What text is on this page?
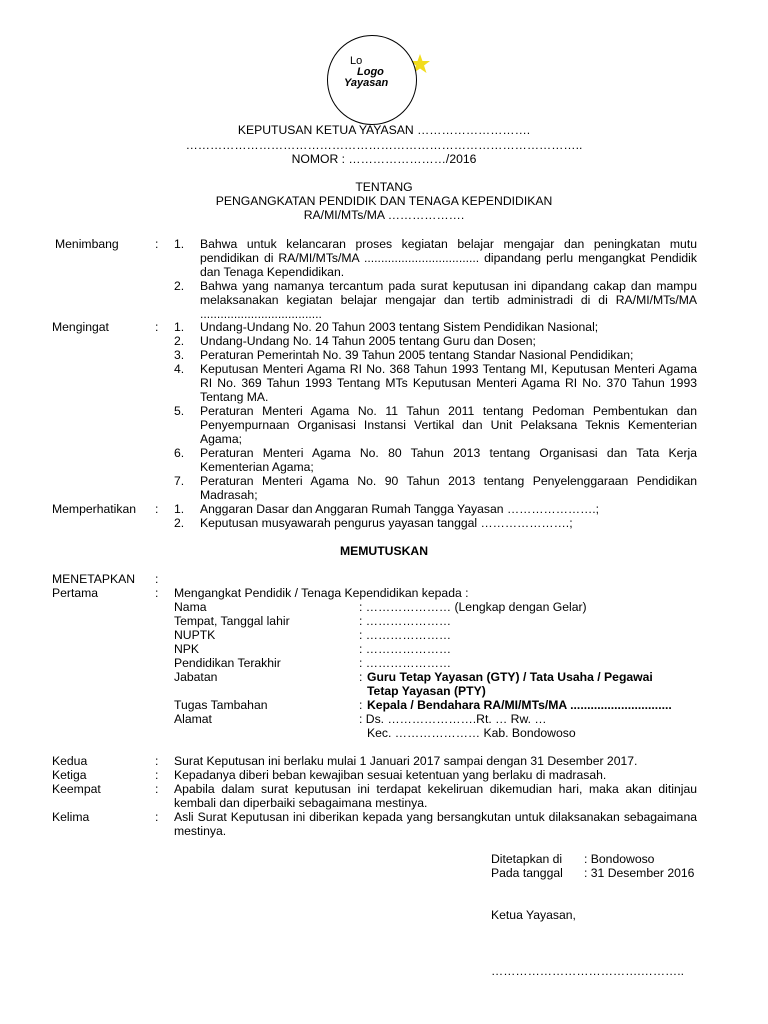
Lo
Logo
Yayasan
KEPUTUSAN KETUA YAYASAN ……………………….
……………………………………………………………………………………..
NOMOR : ……………………/2016
TENTANG
PENGANGKATAN PENDIDIK DAN TENAGA KEPENDIDIKAN
RA/MI/MTs/MA ……………….
Menimbang	: 1. Bahwa untuk kelancaran proses kegiatan belajar mengajar dan peningkatan mutu pendidikan di RA/MI/MTs/MA .................................. dipandang perlu mengangkat Pendidik dan Tenaga Kependidikan.
2. Bahwa yang namanya tercantum pada surat keputusan ini dipandang cakap dan mampu melaksanakan kegiatan belajar mengajar dan tertib administradi di di RA/MI/MTs/MA ....................................
Mengingat	: 1. Undang-Undang No. 20 Tahun 2003 tentang Sistem Pendidikan Nasional;
2. Undang-Undang No. 14 Tahun 2005 tentang Guru dan Dosen;
3. Peraturan Pemerintah No. 39 Tahun 2005 tentang Standar Nasional Pendidikan;
4. Keputusan Menteri Agama RI No. 368 Tahun 1993 Tentang MI, Keputusan Menteri Agama RI No. 369 Tahun 1993 Tentang MTs Keputusan Menteri Agama RI No. 370 Tahun 1993 Tentang MA.
5. Peraturan Menteri Agama No. 11 Tahun 2011 tentang Pedoman Pembentukan dan Penyempurnaan Organisasi Instansi Vertikal dan Unit Pelaksana Teknis Kementerian Agama;
6. Peraturan Menteri Agama No. 80 Tahun 2013 tentang Organisasi dan Tata Kerja Kementerian Agama;
7. Peraturan Menteri Agama No. 90 Tahun 2013 tentang Penyelenggaraan Pendidikan Madrasah;
Memperhatikan : 1. Anggaran Dasar dan Anggaran Rumah Tangga Yayasan ………………….;
2. Keputusan musyawarah pengurus yayasan tanggal ………………….;
MEMUTUSKAN
MENETAPKAN :
Pertama	: Mengangkat Pendidik / Tenaga Kependidikan kepada :
Nama	: ………………… (Lengkap dengan Gelar)
Tempat, Tanggal lahir	: …………………
NUPTK	: …………………
NPK	: …………………
Pendidikan Terakhir	: …………………
Jabatan	: Guru Tetap Yayasan (GTY) / Tata Usaha / Pegawai
Tetap Yayasan (PTY)
Tugas Tambahan	: Kepala / Bendahara RA/MI/MTs/MA ..............................
Alamat	: Ds. ………………….Rt. … Rw. …
Kec. ………………… Kab. Bondowoso
Kedua	: Surat Keputusan ini berlaku mulai 1 Januari 2017 sampai dengan 31 Desember 2017.
Ketiga	: Kepadanya diberi beban kewajiban sesuai ketentuan yang berlaku di madrasah.
Keempat	: Apabila dalam surat keputusan ini terdapat kekeliruan dikemudian hari, maka akan ditinjau kembali dan diperbaiki sebagaimana mestinya.
Kelima	: Asli Surat Keputusan ini diberikan kepada yang bersangkutan untuk dilaksanakan sebagaimana mestinya.
Ditetapkan di : Bondowoso
Pada tanggal : 31 Desember 2016
Ketua Yayasan,
……………………………….………..
